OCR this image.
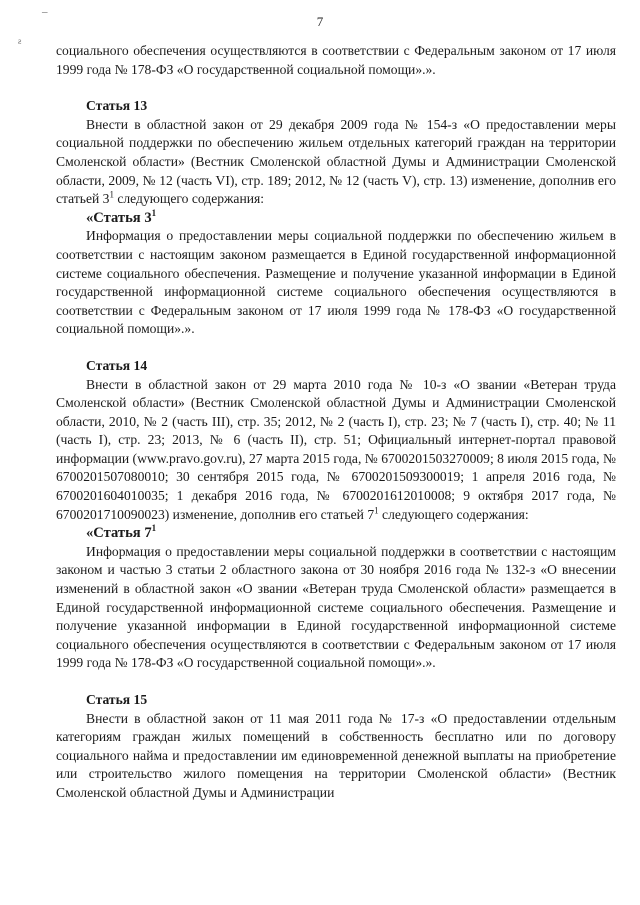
–
ƨ
7

социального обеспечения осуществляются в соответствии с Федеральным законом от 17 июля 1999 года № 178-ФЗ «О государственной социальной помощи».».

Статья 13

Внести в областной закон от 29 декабря 2009 года № 154-з «О предоставлении меры социальной поддержки по обеспечению жильем отдельных категорий граждан на территории Смоленской области» (Вестник Смоленской областной Думы и Администрации Смоленской области, 2009, № 12 (часть VI), стр. 189; 2012, № 12 (часть V), стр. 13) изменение, дополнив его статьей $3^1$ следующего содержания:

«Статья $3^1$

Информация о предоставлении меры социальной поддержки по обеспечению жильем в соответствии с настоящим законом размещается в Единой государственной информационной системе социального обеспечения. Размещение и получение указанной информации в Единой государственной информационной системе социального обеспечения осуществляются в соответствии с Федеральным законом от 17 июля 1999 года № 178-ФЗ «О государственной социальной помощи».».

Статья 14

Внести в областной закон от 29 марта 2010 года № 10-з «О звании «Ветеран труда Смоленской области» (Вестник Смоленской областной Думы и Администрации Смоленской области, 2010, № 2 (часть III), стр. 35; 2012, № 2 (часть I), стр. 23; № 7 (часть I), стр. 40; № 11 (часть I), стр. 23; 2013, № 6 (часть II), стр. 51; Официальный интернет-портал правовой информации (www.pravo.gov.ru), 27 марта 2015 года, № 6700201503270009; 8 июля 2015 года, № 6700201507080010; 30 сентября 2015 года, № 6700201509300019; 1 апреля 2016 года, № 6700201604010035; 1 декабря 2016 года, № 6700201612010008; 9 октября 2017 года, № 6700201710090023) изменение, дополнив его статьей $7^1$ следующего содержания:

«Статья $7^1$

Информация о предоставлении меры социальной поддержки в соответствии с настоящим законом и частью 3 статьи 2 областного закона от 30 ноября 2016 года № 132-з «О внесении изменений в областной закон «О звании «Ветеран труда Смоленской области» размещается в Единой государственной информационной системе социального обеспечения. Размещение и получение указанной информации в Единой государственной информационной системе социального обеспечения осуществляются в соответствии с Федеральным законом от 17 июля 1999 года № 178-ФЗ «О государственной социальной помощи».».

Статья 15

Внести в областной закон от 11 мая 2011 года № 17-з «О предоставлении отдельным категориям граждан жилых помещений в собственность бесплатно или по договору социального найма и предоставлении им единовременной денежной выплаты на приобретение или строительство жилого помещения на территории Смоленской области» (Вестник Смоленской областной Думы и Администрации
